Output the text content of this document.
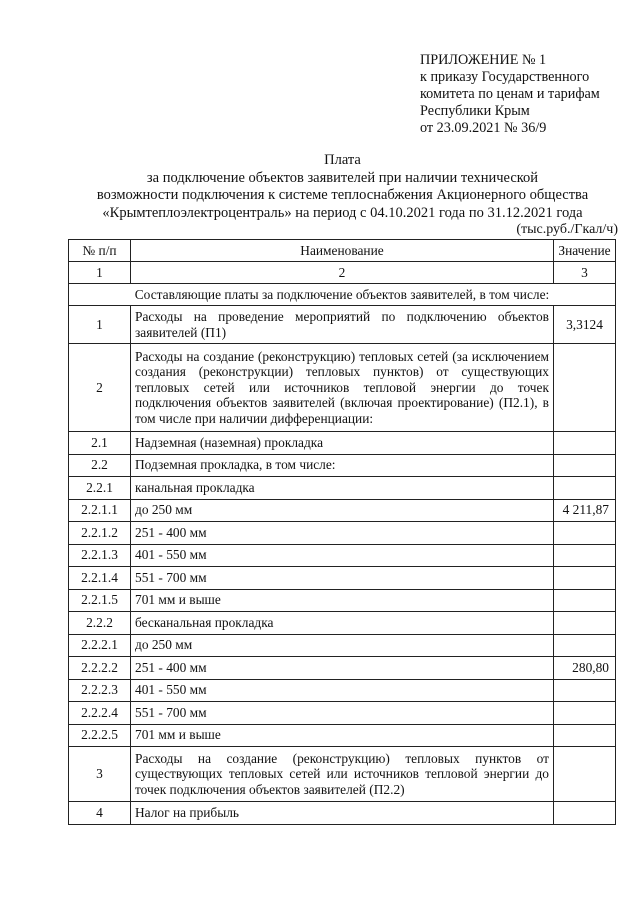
ПРИЛОЖЕНИЕ № 1
к приказу Государственного
комитета по ценам и тарифам
Республики Крым
от 23.09.2021 № 36/9
Плата
за подключение объектов заявителей при наличии технической
возможности подключения к системе теплоснабжения Акционерного общества
«Крымтеплоэлектроцентраль» на период с 04.10.2021 года по 31.12.2021 года
(тыс.руб./Гкал/ч)
№ п/п	Наименование	Значение
1	2	3
Составляющие платы за подключение объектов заявителей, в том числе:		
1	Расходы на проведение мероприятий по подключению объектов заявителей (П1)	3,3124
2	Расходы на создание (реконструкцию) тепловых сетей (за исключением создания (реконструкции) тепловых пунктов) от существующих тепловых сетей или источников тепловой энергии до точек подключения объектов заявителей (включая проектирование) (П2.1), в том числе при наличии дифференциации:	
2.1	Надземная (наземная) прокладка	
2.2	Подземная прокладка, в том числе:	
2.2.1	канальная прокладка	
2.2.1.1	до 250 мм	4 211,87
2.2.1.2	251 - 400 мм	
2.2.1.3	401 - 550 мм	
2.2.1.4	551 - 700 мм	
2.2.1.5	701 мм и выше	
2.2.2	бесканальная прокладка	
2.2.2.1	до 250 мм	
2.2.2.2	251 - 400 мм	280,80
2.2.2.3	401 - 550 мм	
2.2.2.4	551 - 700 мм	
2.2.2.5	701 мм и выше	
3	Расходы на создание (реконструкцию) тепловых пунктов от существующих тепловых сетей или источников тепловой энергии до точек подключения объектов заявителей (П2.2)	
4	Налог на прибыль	
